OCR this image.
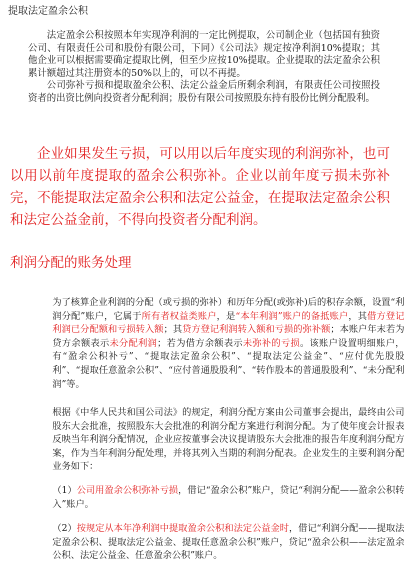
提取法定盈余公积

法定盈余公积按照本年实现净利润的一定比例提取，公司制企业（包括国有独资公司、有限责任公司和股份有限公司，下同）《公司法》规定按净利润10%提取；其他企业可以根据需要确定提取比例，但至少应按10%提取。企业提取的法定盈余公积累计额超过其注册资本的50%以上的，可以不再提。

公司弥补亏损和提取盈余公积、法定公益金后所剩余利润，有限责任公司按照投资者的出资比例向投资者分配利润；股份有限公司按照股东持有股份比例分配股利。

企业如果发生亏损，可以用以后年度实现的利润弥补，也可以用以前年度提取的盈余公积弥补。企业以前年度亏损未弥补完，不能提取法定盈余公积和法定公益金，在提取法定盈余公积和法定公益金前，不得向投资者分配利润。
利润分配的账务处理
为了核算企业利润的分配（或亏损的弥补）和历年分配(或弥补)后的积存余额，设置“利润分配”账户，它属于所有者权益类账户，是“本年利润”账户的备抵账户，其借方登记利润已分配额和亏损转入额；其贷方登记利润转入额和亏损的弥补额；本账户年末若为贷方余额表示未分配利润；若为借方余额表示未弥补的亏损。该账户设置明细账户，有“盈余公积补亏”、“提取法定盈余公积”、“提取法定公益金”、“应付优先股股利”、“提取任意盈余公积”、“应付普通股股利”、“转作股本的普通股股利”、“未分配利润”等。
根据《中华人民共和国公司法》的规定，利润分配方案由公司董事会提出，最终由公司股东大会批准，按照股东大会批准的利润分配方案进行利润分配。为了使年度会计报表反映当年利润分配情况，企业应按董事会决议提请股东大会批准的报告年度利润分配方案，作为当年利润分配处理，并将其列入当期的利润分配表。企业发生的主要利润分配业务如下：
（1）公司用盈余公积弥补亏损，借记“盈余公积”账户，贷记“利润分配——盈余公积转入”账户。
（2）按规定从本年净利润中提取盈余公积和法定公益金时，借记“利润分配——提取法定盈余公积、提取法定公益金、提取任意盈余公积”账户，贷记“盈余公积——法定盈余公积、法定公益金、任意盈余公积”账户。
